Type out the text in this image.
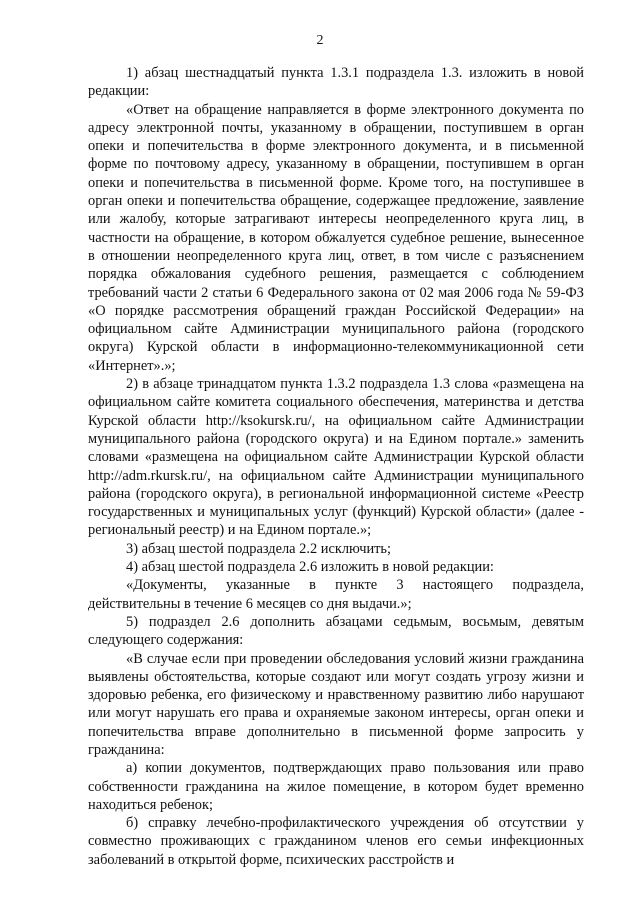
2

1) абзац шестнадцатый пункта 1.3.1 подраздела 1.3. изложить в новой редакции:

«Ответ на обращение направляется в форме электронного документа по адресу электронной почты, указанному в обращении, поступившем в орган опеки и попечительства в форме электронного документа, и в письменной форме по почтовому адресу, указанному в обращении, поступившем в орган опеки и попечительства в письменной форме. Кроме того, на поступившее в орган опеки и попечительства обращение, содержащее предложение, заявление или жалобу, которые затрагивают интересы неопределенного круга лиц, в частности на обращение, в котором обжалуется судебное решение, вынесенное в отношении неопределенного круга лиц, ответ, в том числе с разъяснением порядка обжалования судебного решения, размещается с соблюдением требований части 2 статьи 6 Федерального закона от 02 мая 2006 года № 59-ФЗ «О порядке рассмотрения обращений граждан Российской Федерации» на официальном сайте Администрации муниципального района (городского округа) Курской области в информационно-телекоммуникационной сети «Интернет».»;

2) в абзаце тринадцатом пункта 1.3.2 подраздела 1.3 слова «размещена на официальном сайте комитета социального обеспечения, материнства и детства Курской области http://ksokursk.ru/, на официальном сайте Администрации муниципального района (городского округа) и на Едином портале.» заменить словами «размещена на официальном сайте Администрации Курской области http://adm.rkursk.ru/, на официальном сайте Администрации муниципального района (городского округа), в региональной информационной системе «Реестр государственных и муниципальных услуг (функций) Курской области» (далее - региональный реестр) и на Едином портале.»;

3) абзац шестой подраздела 2.2 исключить;

4) абзац шестой подраздела 2.6 изложить в новой редакции:

«Документы, указанные в пункте 3 настоящего подраздела, действительны в течение 6 месяцев со дня выдачи.»;

5) подраздел 2.6 дополнить абзацами седьмым, восьмым, девятым следующего содержания:

«В случае если при проведении обследования условий жизни гражданина выявлены обстоятельства, которые создают или могут создать угрозу жизни и здоровью ребенка, его физическому и нравственному развитию либо нарушают или могут нарушать его права и охраняемые законом интересы, орган опеки и попечительства вправе дополнительно в письменной форме запросить у гражданина:

а) копии документов, подтверждающих право пользования или право собственности гражданина на жилое помещение, в котором будет временно находиться ребенок;

б) справку лечебно-профилактического учреждения об отсутствии у совместно проживающих с гражданином членов его семьи инфекционных заболеваний в открытой форме, психических расстройств и
